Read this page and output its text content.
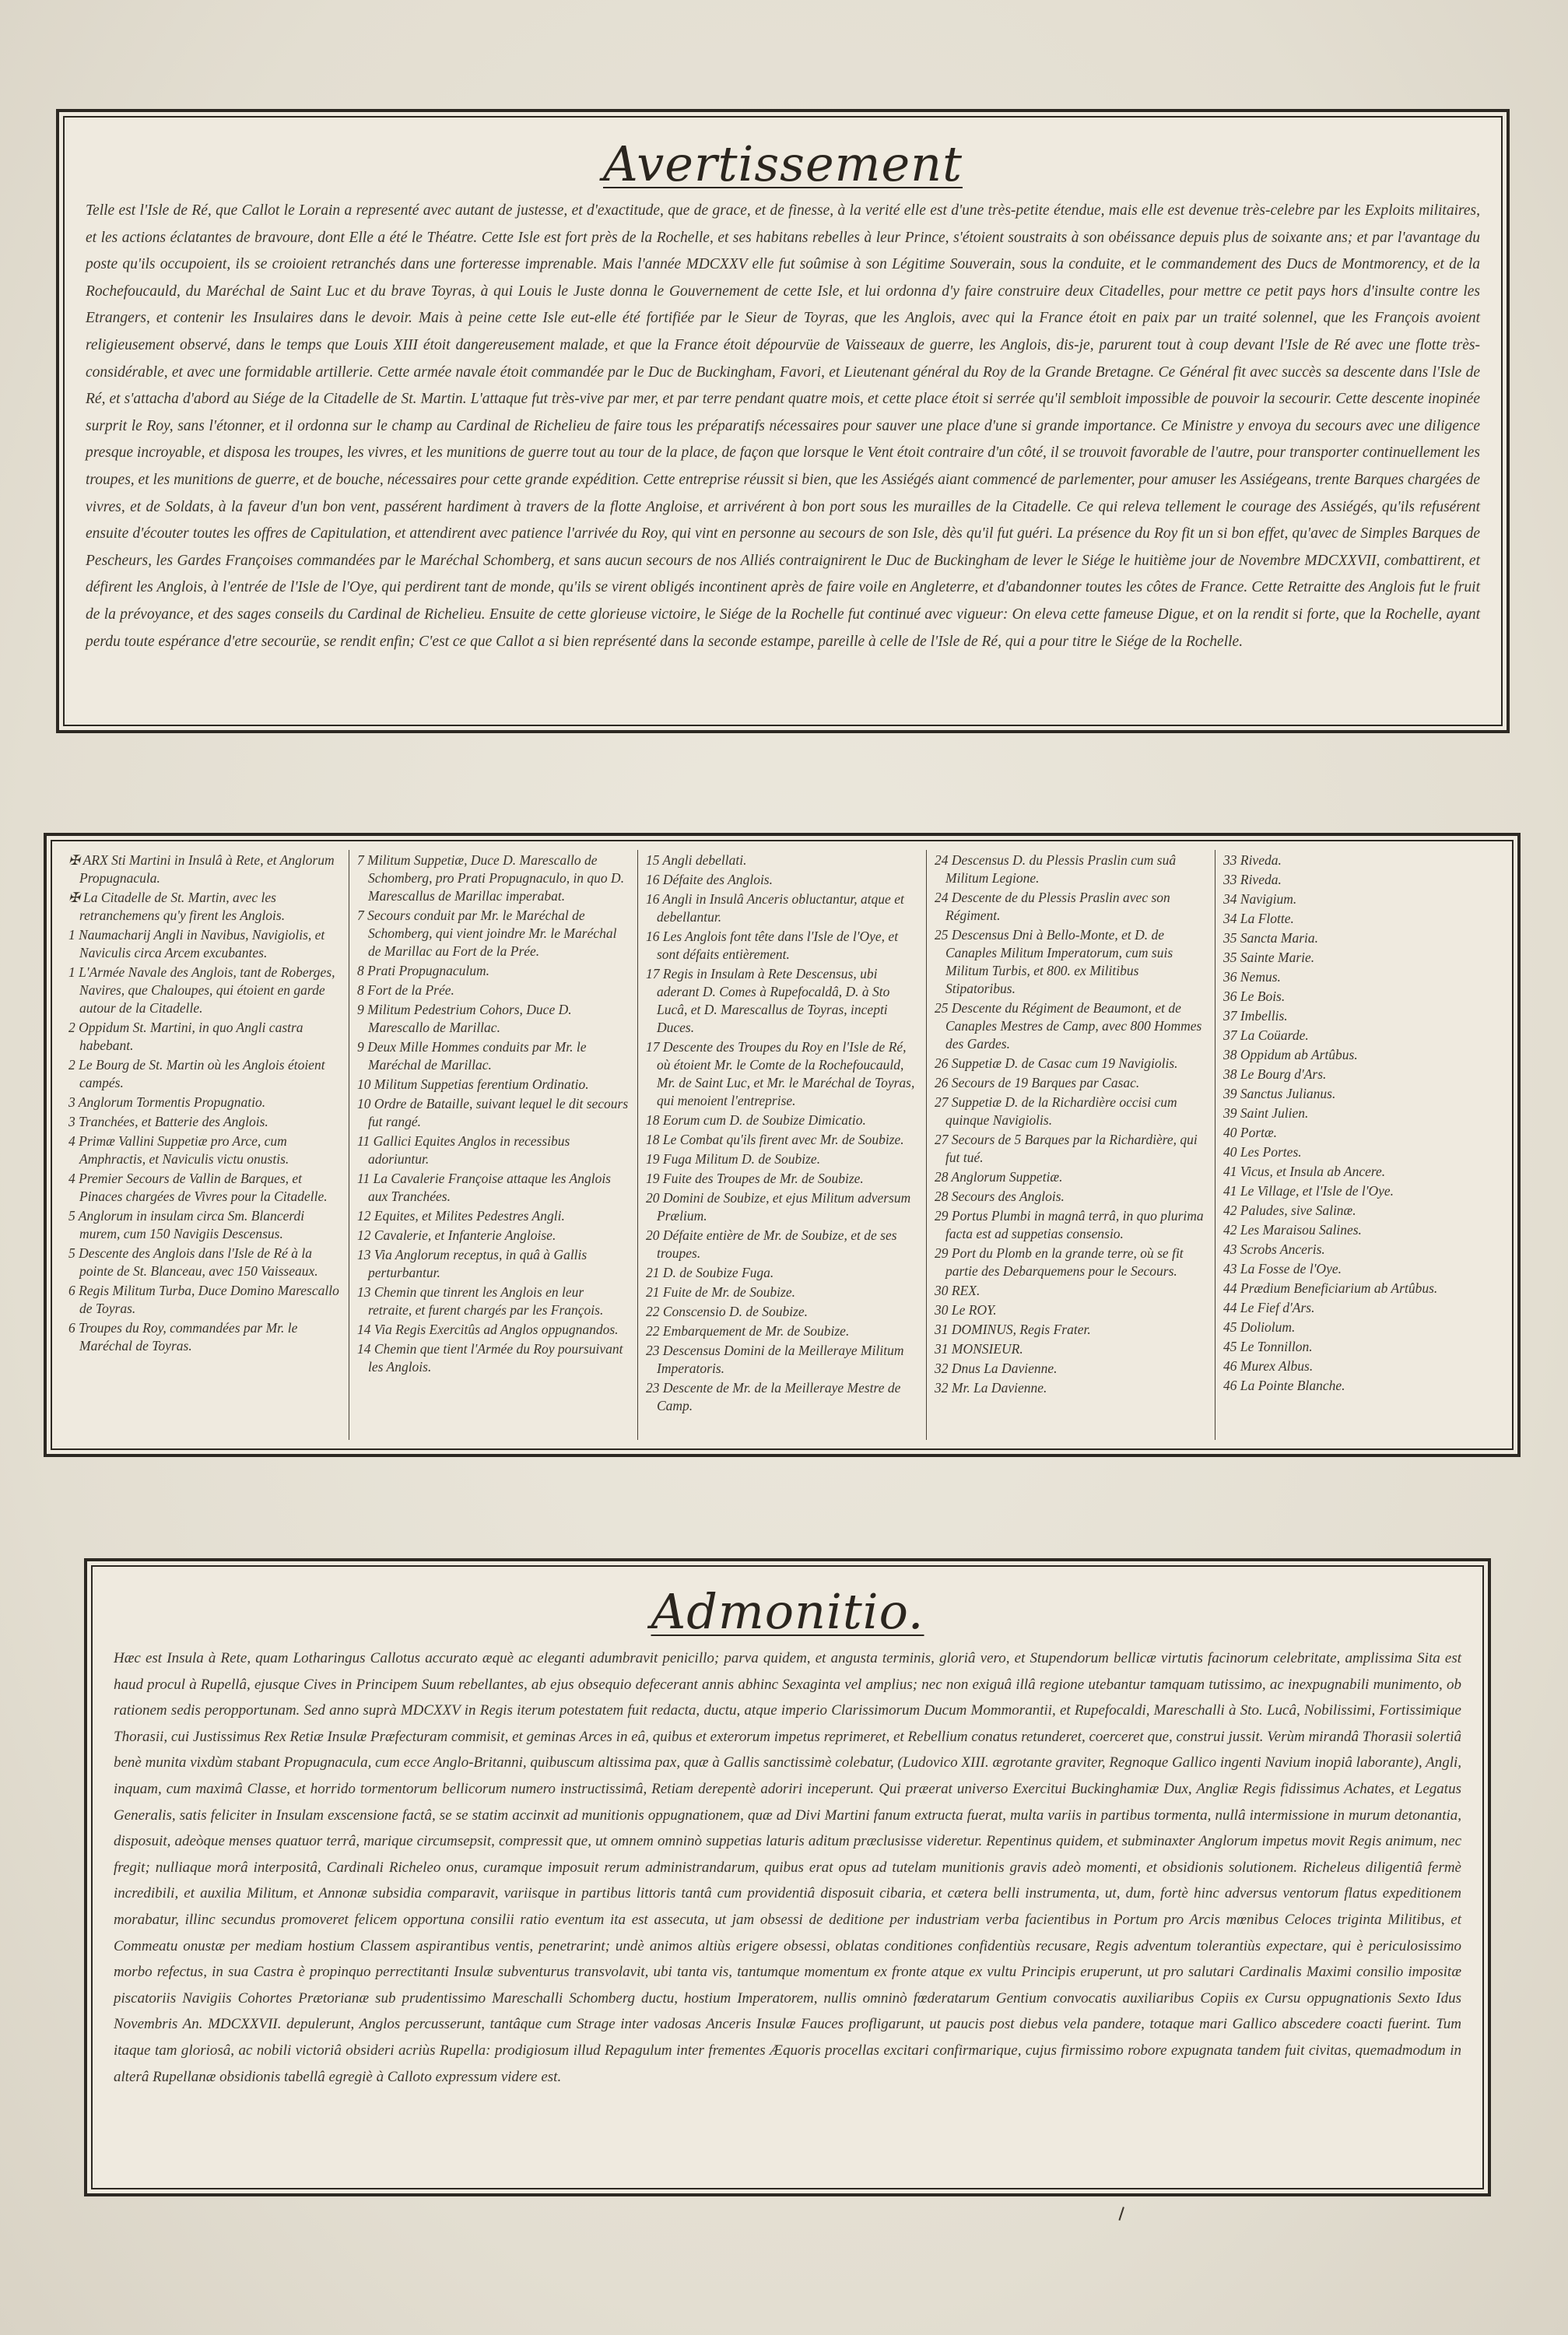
Avertissement

Telle est l'Isle de Ré, que Callot le Lorain a representé avec autant de justesse, et d'exactitude, que de grace, et de finesse, à la verité elle est d'une très-petite étendue, mais elle est devenue très-celebre par les Exploits militaires, et les actions éclatantes de bravoure, dont Elle a été le Théatre. Cette Isle est fort près de la Rochelle, et ses habitans rebelles à leur Prince, s'étoient soustraits à son obéissance depuis plus de soixante ans; et par l'avantage du poste qu'ils occupoient, ils se croioient retranchés dans une forteresse imprenable. Mais l'année MDCXXV elle fut soûmise à son Légitime Souverain, sous la conduite, et le commandement des Ducs de Montmorency, et de la Rochefoucauld, du Maréchal de Saint Luc et du brave Toyras, à qui Louis le Juste donna le Gouvernement de cette Isle, et lui ordonna d'y faire construire deux Citadelles, pour mettre ce petit pays hors d'insulte contre les Etrangers, et contenir les Insulaires dans le devoir. Mais à peine cette Isle eut-elle été fortifiée par le Sieur de Toyras, que les Anglois, avec qui la France étoit en paix par un traité solennel, que les François avoient religieusement observé, dans le temps que Louis XIII étoit dangereusement malade, et que la France étoit dépourvüe de Vaisseaux de guerre, les Anglois, dis-je, parurent tout à coup devant l'Isle de Ré avec une flotte très-considérable, et avec une formidable artillerie. Cette armée navale étoit commandée par le Duc de Buckingham, Favori, et Lieutenant général du Roy de la Grande Bretagne. Ce Général fit avec succès sa descente dans l'Isle de Ré, et s'attacha d'abord au Siége de la Citadelle de St. Martin. L'attaque fut très-vive par mer, et par terre pendant quatre mois, et cette place étoit si serrée qu'il sembloit impossible de pouvoir la secourir. Cette descente inopinée surprit le Roy, sans l'étonner, et il ordonna sur le champ au Cardinal de Richelieu de faire tous les préparatifs nécessaires pour sauver une place d'une si grande importance. Ce Ministre y envoya du secours avec une diligence presque incroyable, et disposa les troupes, les vivres, et les munitions de guerre tout au tour de la place, de façon que lorsque le Vent étoit contraire d'un côté, il se trouvoit favorable de l'autre, pour transporter continuellement les troupes, et les munitions de guerre, et de bouche, nécessaires pour cette grande expédition. Cette entreprise réussit si bien, que les Assiégés aiant commencé de parlementer, pour amuser les Assiégeans, trente Barques chargées de vivres, et de Soldats, à la faveur d'un bon vent, passérent hardiment à travers de la flotte Angloise, et arrivérent à bon port sous les murailles de la Citadelle. Ce qui releva tellement le courage des Assiégés, qu'ils refusérent ensuite d'écouter toutes les offres de Capitulation, et attendirent avec patience l'arrivée du Roy, qui vint en personne au secours de son Isle, dès qu'il fut guéri. La présence du Roy fit un si bon effet, qu'avec de Simples Barques de Pescheurs, les Gardes Françoises commandées par le Maréchal Schomberg, et sans aucun secours de nos Alliés contraignirent le Duc de Buckingham de lever le Siége le huitième jour de Novembre MDCXXVII, combattirent, et défirent les Anglois, à l'entrée de l'Isle de l'Oye, qui perdirent tant de monde, qu'ils se virent obligés incontinent après de faire voile en Angleterre, et d'abandonner toutes les côtes de France. Cette Retraitte des Anglois fut le fruit de la prévoyance, et des sages conseils du Cardinal de Richelieu. Ensuite de cette glorieuse victoire, le Siége de la Rochelle fut continué avec vigueur: On eleva cette fameuse Digue, et on la rendit si forte, que la Rochelle, ayant perdu toute espérance d'etre secourüe, se rendit enfin; C'est ce que Callot a si bien représenté dans la seconde estampe, pareille à celle de l'Isle de Ré, qui a pour titre le Siége de la Rochelle.

✠ ARX Sti Martini in Insulâ à Rete, et Anglorum Propugnacula.

✠ La Citadelle de St. Martin, avec les retranchemens qu'y firent les Anglois.

1 Naumacharij Angli in Navibus, Navigiolis, et Naviculis circa Arcem excubantes.

1 L'Armée Navale des Anglois, tant de Roberges, Navires, que Chaloupes, qui étoient en garde autour de la Citadelle.

2 Oppidum St. Martini, in quo Angli castra habebant.

2 Le Bourg de St. Martin où les Anglois étoient campés.

3 Anglorum Tormentis Propugnatio.

3 Tranchées, et Batterie des Anglois.

4 Primæ Vallini Suppetiæ pro Arce, cum Amphractis, et Naviculis victu onustis.

4 Premier Secours de Vallin de Barques, et Pinaces chargées de Vivres pour la Citadelle.

5 Anglorum in insulam circa Sm. Blancerdi murem, cum 150 Navigiis Descensus.

5 Descente des Anglois dans l'Isle de Ré à la pointe de St. Blanceau, avec 150 Vaisseaux.

6 Regis Militum Turba, Duce Domino Marescallo de Toyras.

6 Troupes du Roy, commandées par Mr. le Maréchal de Toyras.

7 Militum Suppetiæ, Duce D. Marescallo de Schomberg, pro Prati Propugnaculo, in quo D. Marescallus de Marillac imperabat.

7 Secours conduit par Mr. le Maréchal de Schomberg, qui vient joindre Mr. le Maréchal de Marillac au Fort de la Prée.

8 Prati Propugnaculum.

8 Fort de la Prée.

9 Militum Pedestrium Cohors, Duce D. Marescallo de Marillac.

9 Deux Mille Hommes conduits par Mr. le Maréchal de Marillac.

10 Militum Suppetias ferentium Ordinatio.

10 Ordre de Bataille, suivant lequel le dit secours fut rangé.

11 Gallici Equites Anglos in recessibus adoriuntur.

11 La Cavalerie Françoise attaque les Anglois aux Tranchées.

12 Equites, et Milites Pedestres Angli.

12 Cavalerie, et Infanterie Angloise.

13 Via Anglorum receptus, in quâ à Gallis perturbantur.

13 Chemin que tinrent les Anglois en leur retraite, et furent chargés par les François.

14 Via Regis Exercitûs ad Anglos oppugnandos.

14 Chemin que tient l'Armée du Roy poursuivant les Anglois.

15 Angli debellati.

16 Défaite des Anglois.

16 Angli in Insulâ Anceris obluctantur, atque et debellantur.

16 Les Anglois font tête dans l'Isle de l'Oye, et sont défaits entièrement.

17 Regis in Insulam à Rete Descensus, ubi aderant D. Comes à Rupefocaldâ, D. à Sto Lucâ, et D. Marescallus de Toyras, incepti Duces.

17 Descente des Troupes du Roy en l'Isle de Ré, où étoient Mr. le Comte de la Rochefoucauld, Mr. de Saint Luc, et Mr. le Maréchal de Toyras, qui menoient l'entreprise.

18 Eorum cum D. de Soubize Dimicatio.

18 Le Combat qu'ils firent avec Mr. de Soubize.

19 Fuga Militum D. de Soubize.

19 Fuite des Troupes de Mr. de Soubize.

20 Domini de Soubize, et ejus Militum adversum Prælium.

20 Défaite entière de Mr. de Soubize, et de ses troupes.

21 D. de Soubize Fuga.

21 Fuite de Mr. de Soubize.

22 Conscensio D. de Soubize.

22 Embarquement de Mr. de Soubize.

23 Descensus Domini de la Meilleraye Militum Imperatoris.

23 Descente de Mr. de la Meilleraye Mestre de Camp.

24 Descensus D. du Plessis Praslin cum suâ Militum Legione.

24 Descente de du Plessis Praslin avec son Régiment.

25 Descensus Dni à Bello-Monte, et D. de Canaples Militum Imperatorum, cum suis Militum Turbis, et 800. ex Militibus Stipatoribus.

25 Descente du Régiment de Beaumont, et de Canaples Mestres de Camp, avec 800 Hommes des Gardes.

26 Suppetiæ D. de Casac cum 19 Navigiolis.

26 Secours de 19 Barques par Casac.

27 Suppetiæ D. de la Richardière occisi cum quinque Navigiolis.

27 Secours de 5 Barques par la Richardière, qui fut tué.

28 Anglorum Suppetiæ.

28 Secours des Anglois.

29 Portus Plumbi in magnâ terrâ, in quo plurima facta est ad suppetias consensio.

29 Port du Plomb en la grande terre, où se fit partie des Debarquemens pour le Secours.

30 REX.

30 Le ROY.

31 DOMINUS, Regis Frater.

31 MONSIEUR.

32 Dnus La Davienne.

32 Mr. La Davienne.

33 Riveda.

33 Riveda.

34 Navigium.

34 La Flotte.

35 Sancta Maria.

35 Sainte Marie.

36 Nemus.

36 Le Bois.

37 Imbellis.

37 La Coüarde.

38 Oppidum ab Artûbus.

38 Le Bourg d'Ars.

39 Sanctus Julianus.

39 Saint Julien.

40 Portæ.

40 Les Portes.

41 Vicus, et Insula ab Ancere.

41 Le Village, et l'Isle de l'Oye.

42 Paludes, sive Salinæ.

42 Les Maraisou Salines.

43 Scrobs Anceris.

43 La Fosse de l'Oye.

44 Prædium Beneficiarium ab Artûbus.

44 Le Fief d'Ars.

45 Doliolum.

45 Le Tonnillon.

46 Murex Albus.

46 La Pointe Blanche.

Admonitio.

Hæc est Insula à Rete, quam Lotharingus Callotus accurato æquè ac eleganti adumbravit penicillo; parva quidem, et angusta terminis, gloriâ vero, et Stupendorum bellicæ virtutis facinorum celebritate, amplissima Sita est haud procul à Rupellâ, ejusque Cives in Principem Suum rebellantes, ab ejus obsequio defecerant annis abhinc Sexaginta vel amplius; nec non exiguâ illâ regione utebantur tamquam tutissimo, ac inexpugnabili munimento, ob rationem sedis peropportunam. Sed anno suprà MDCXXV in Regis iterum potestatem fuit redacta, ductu, atque imperio Clarissimorum Ducum Mommorantii, et Rupefocaldi, Mareschalli à Sto. Lucâ, Nobilissimi, Fortissimique Thorasii, cui Justissimus Rex Retiæ Insulæ Præfecturam commisit, et geminas Arces in eâ, quibus et exterorum impetus reprimeret, et Rebellium conatus retunderet, coerceret que, construi jussit. Verùm mirandâ Thorasii solertiâ benè munita vixdùm stabant Propugnacula, cum ecce Anglo-Britanni, quibuscum altissima pax, quæ à Gallis sanctissimè colebatur, (Ludovico XIII. ægrotante graviter, Regnoque Gallico ingenti Navium inopiâ laborante), Angli, inquam, cum maximâ Classe, et horrido tormentorum bellicorum numero instructissimâ, Retiam derepentè adoriri inceperunt. Qui præerat universo Exercitui Buckinghamiæ Dux, Angliæ Regis fidissimus Achates, et Legatus Generalis, satis feliciter in Insulam exscensione factâ, se se statim accinxit ad munitionis oppugnationem, quæ ad Divi Martini fanum extructa fuerat, multa variis in partibus tormenta, nullâ intermissione in murum detonantia, disposuit, adeòque menses quatuor terrâ, marique circumsepsit, compressit que, ut omnem omninò suppetias laturis aditum præclusisse videretur. Repentinus quidem, et subminaxter Anglorum impetus movit Regis animum, nec fregit; nulliaque morâ interpositâ, Cardinali Richeleo onus, curamque imposuit rerum administrandarum, quibus erat opus ad tutelam munitionis gravis adeò momenti, et obsidionis solutionem. Richeleus diligentiâ fermè incredibili, et auxilia Militum, et Annonæ subsidia comparavit, variisque in partibus littoris tantâ cum providentiâ disposuit cibaria, et cætera belli instrumenta, ut, dum, fortè hinc adversus ventorum flatus expeditionem morabatur, illinc secundus promoveret felicem opportuna consilii ratio eventum ita est assecuta, ut jam obsessi de deditione per industriam verba facientibus in Portum pro Arcis mœnibus Celoces triginta Militibus, et Commeatu onustæ per mediam hostium Classem aspirantibus ventis, penetrarint; undè animos altiùs erigere obsessi, oblatas conditiones confidentiùs recusare, Regis adventum tolerantiùs expectare, qui è periculosissimo morbo refectus, in sua Castra è propinquo perrectitanti Insulæ subventurus transvolavit, ubi tanta vis, tantumque momentum ex fronte atque ex vultu Principis eruperunt, ut pro salutari Cardinalis Maximi consilio impositæ piscatoriis Navigiis Cohortes Prætorianæ sub prudentissimo Mareschalli Schomberg ductu, hostium Imperatorem, nullis omninò fœderatarum Gentium convocatis auxiliaribus Copiis ex Cursu oppugnationis Sexto Idus Novembris An. MDCXXVII. depulerunt, Anglos percusserunt, tantâque cum Strage inter vadosas Anceris Insulæ Fauces profligarunt, ut paucis post diebus vela pandere, totaque mari Gallico abscedere coacti fuerint. Tum itaque tam gloriosâ, ac nobili victoriâ obsideri acriùs Rupella: prodigiosum illud Repagulum inter frementes Æquoris procellas excitari confirmarique, cujus firmissimo robore expugnata tandem fuit civitas, quemadmodum in alterâ Rupellanæ obsidionis tabellâ egregiè à Calloto expressum videre est.
